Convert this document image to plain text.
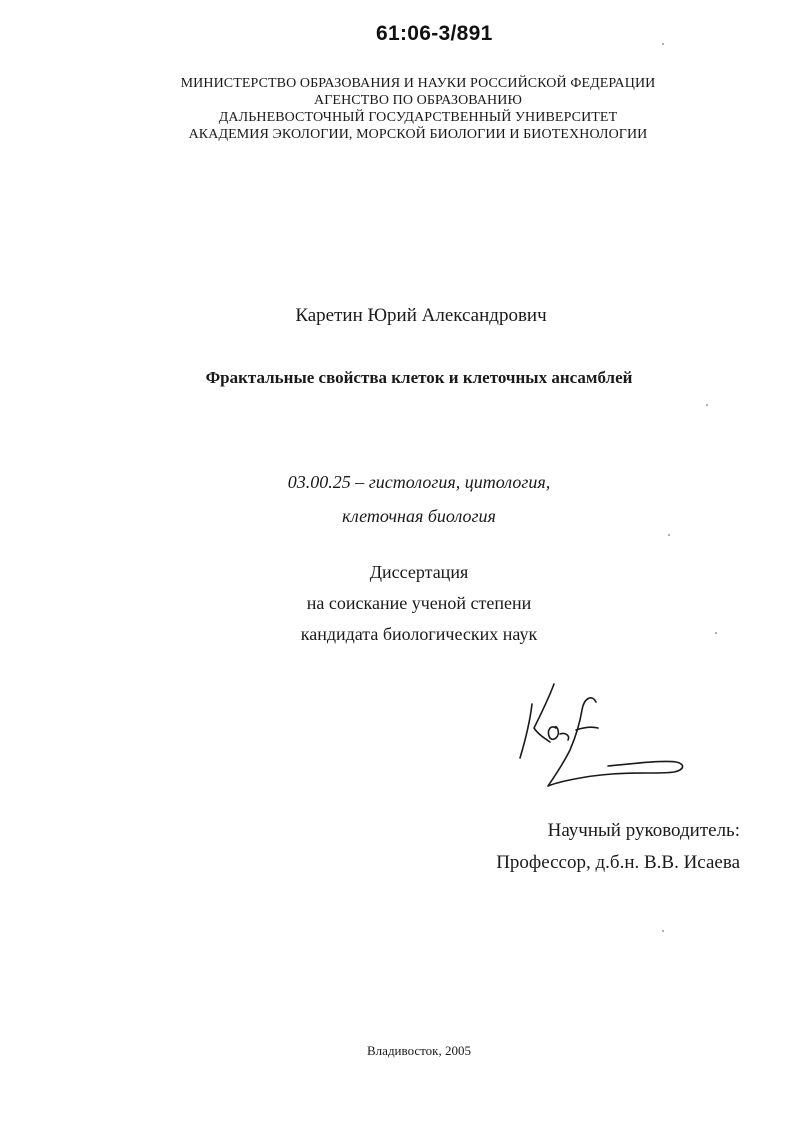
61:06-3/891
МИНИСТЕРСТВО ОБРАЗОВАНИЯ И НАУКИ РОССИЙСКОЙ ФЕДЕРАЦИИ
АГЕНСТВО ПО ОБРАЗОВАНИЮ
ДАЛЬНЕВОСТОЧНЫЙ ГОСУДАРСТВЕННЫЙ УНИВЕРСИТЕТ
АКАДЕМИЯ ЭКОЛОГИИ, МОРСКОЙ БИОЛОГИИ И БИОТЕХНОЛОГИИ
Каретин Юрий Александрович
Фрактальные свойства клеток и клеточных ансамблей
03.00.25 – гистология, цитология,
клеточная биология
Диссертация
на соискание ученой степени
кандидата биологических наук
Научный руководитель:
Профессор, д.б.н. В.В. Исаева
Владивосток, 2005
